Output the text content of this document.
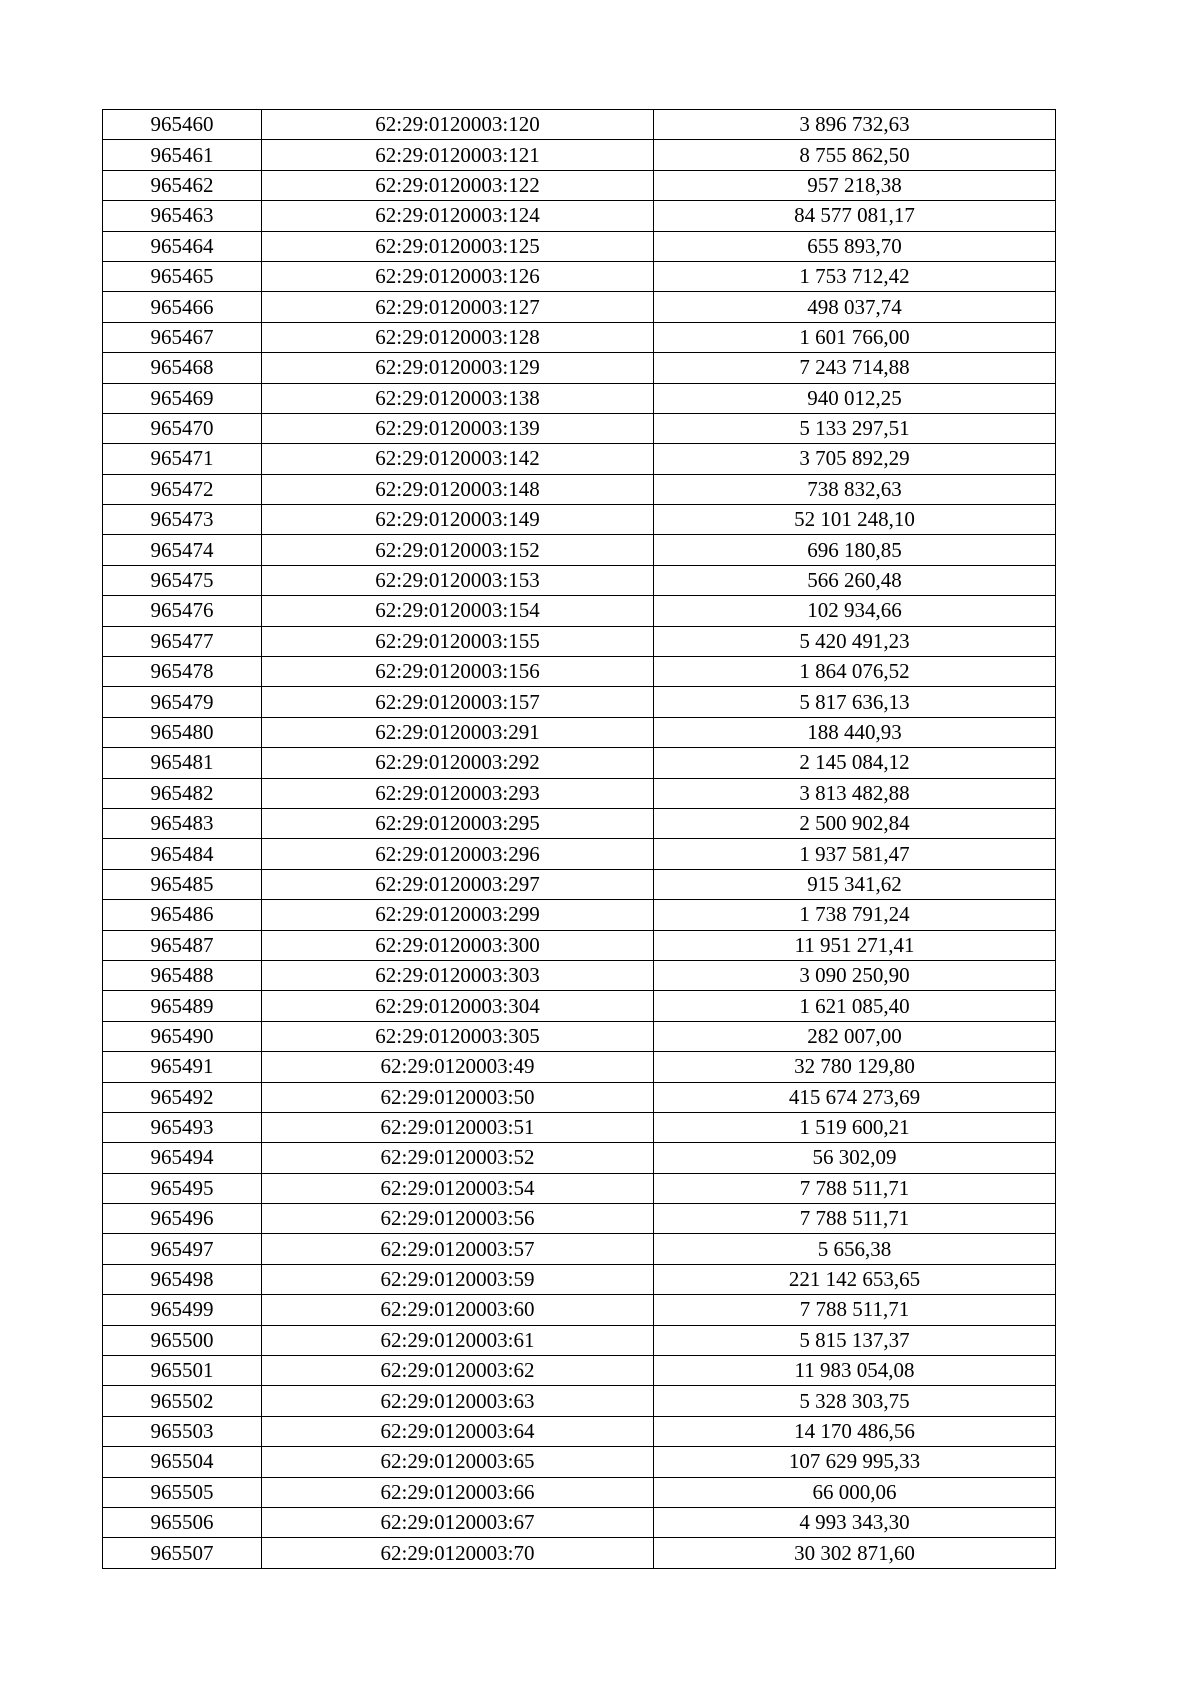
965460	62:29:0120003:120	3 896 732,63
965461	62:29:0120003:121	8 755 862,50
965462	62:29:0120003:122	957 218,38
965463	62:29:0120003:124	84 577 081,17
965464	62:29:0120003:125	655 893,70
965465	62:29:0120003:126	1 753 712,42
965466	62:29:0120003:127	498 037,74
965467	62:29:0120003:128	1 601 766,00
965468	62:29:0120003:129	7 243 714,88
965469	62:29:0120003:138	940 012,25
965470	62:29:0120003:139	5 133 297,51
965471	62:29:0120003:142	3 705 892,29
965472	62:29:0120003:148	738 832,63
965473	62:29:0120003:149	52 101 248,10
965474	62:29:0120003:152	696 180,85
965475	62:29:0120003:153	566 260,48
965476	62:29:0120003:154	102 934,66
965477	62:29:0120003:155	5 420 491,23
965478	62:29:0120003:156	1 864 076,52
965479	62:29:0120003:157	5 817 636,13
965480	62:29:0120003:291	188 440,93
965481	62:29:0120003:292	2 145 084,12
965482	62:29:0120003:293	3 813 482,88
965483	62:29:0120003:295	2 500 902,84
965484	62:29:0120003:296	1 937 581,47
965485	62:29:0120003:297	915 341,62
965486	62:29:0120003:299	1 738 791,24
965487	62:29:0120003:300	11 951 271,41
965488	62:29:0120003:303	3 090 250,90
965489	62:29:0120003:304	1 621 085,40
965490	62:29:0120003:305	282 007,00
965491	62:29:0120003:49	32 780 129,80
965492	62:29:0120003:50	415 674 273,69
965493	62:29:0120003:51	1 519 600,21
965494	62:29:0120003:52	56 302,09
965495	62:29:0120003:54	7 788 511,71
965496	62:29:0120003:56	7 788 511,71
965497	62:29:0120003:57	5 656,38
965498	62:29:0120003:59	221 142 653,65
965499	62:29:0120003:60	7 788 511,71
965500	62:29:0120003:61	5 815 137,37
965501	62:29:0120003:62	11 983 054,08
965502	62:29:0120003:63	5 328 303,75
965503	62:29:0120003:64	14 170 486,56
965504	62:29:0120003:65	107 629 995,33
965505	62:29:0120003:66	66 000,06
965506	62:29:0120003:67	4 993 343,30
965507	62:29:0120003:70	30 302 871,60
